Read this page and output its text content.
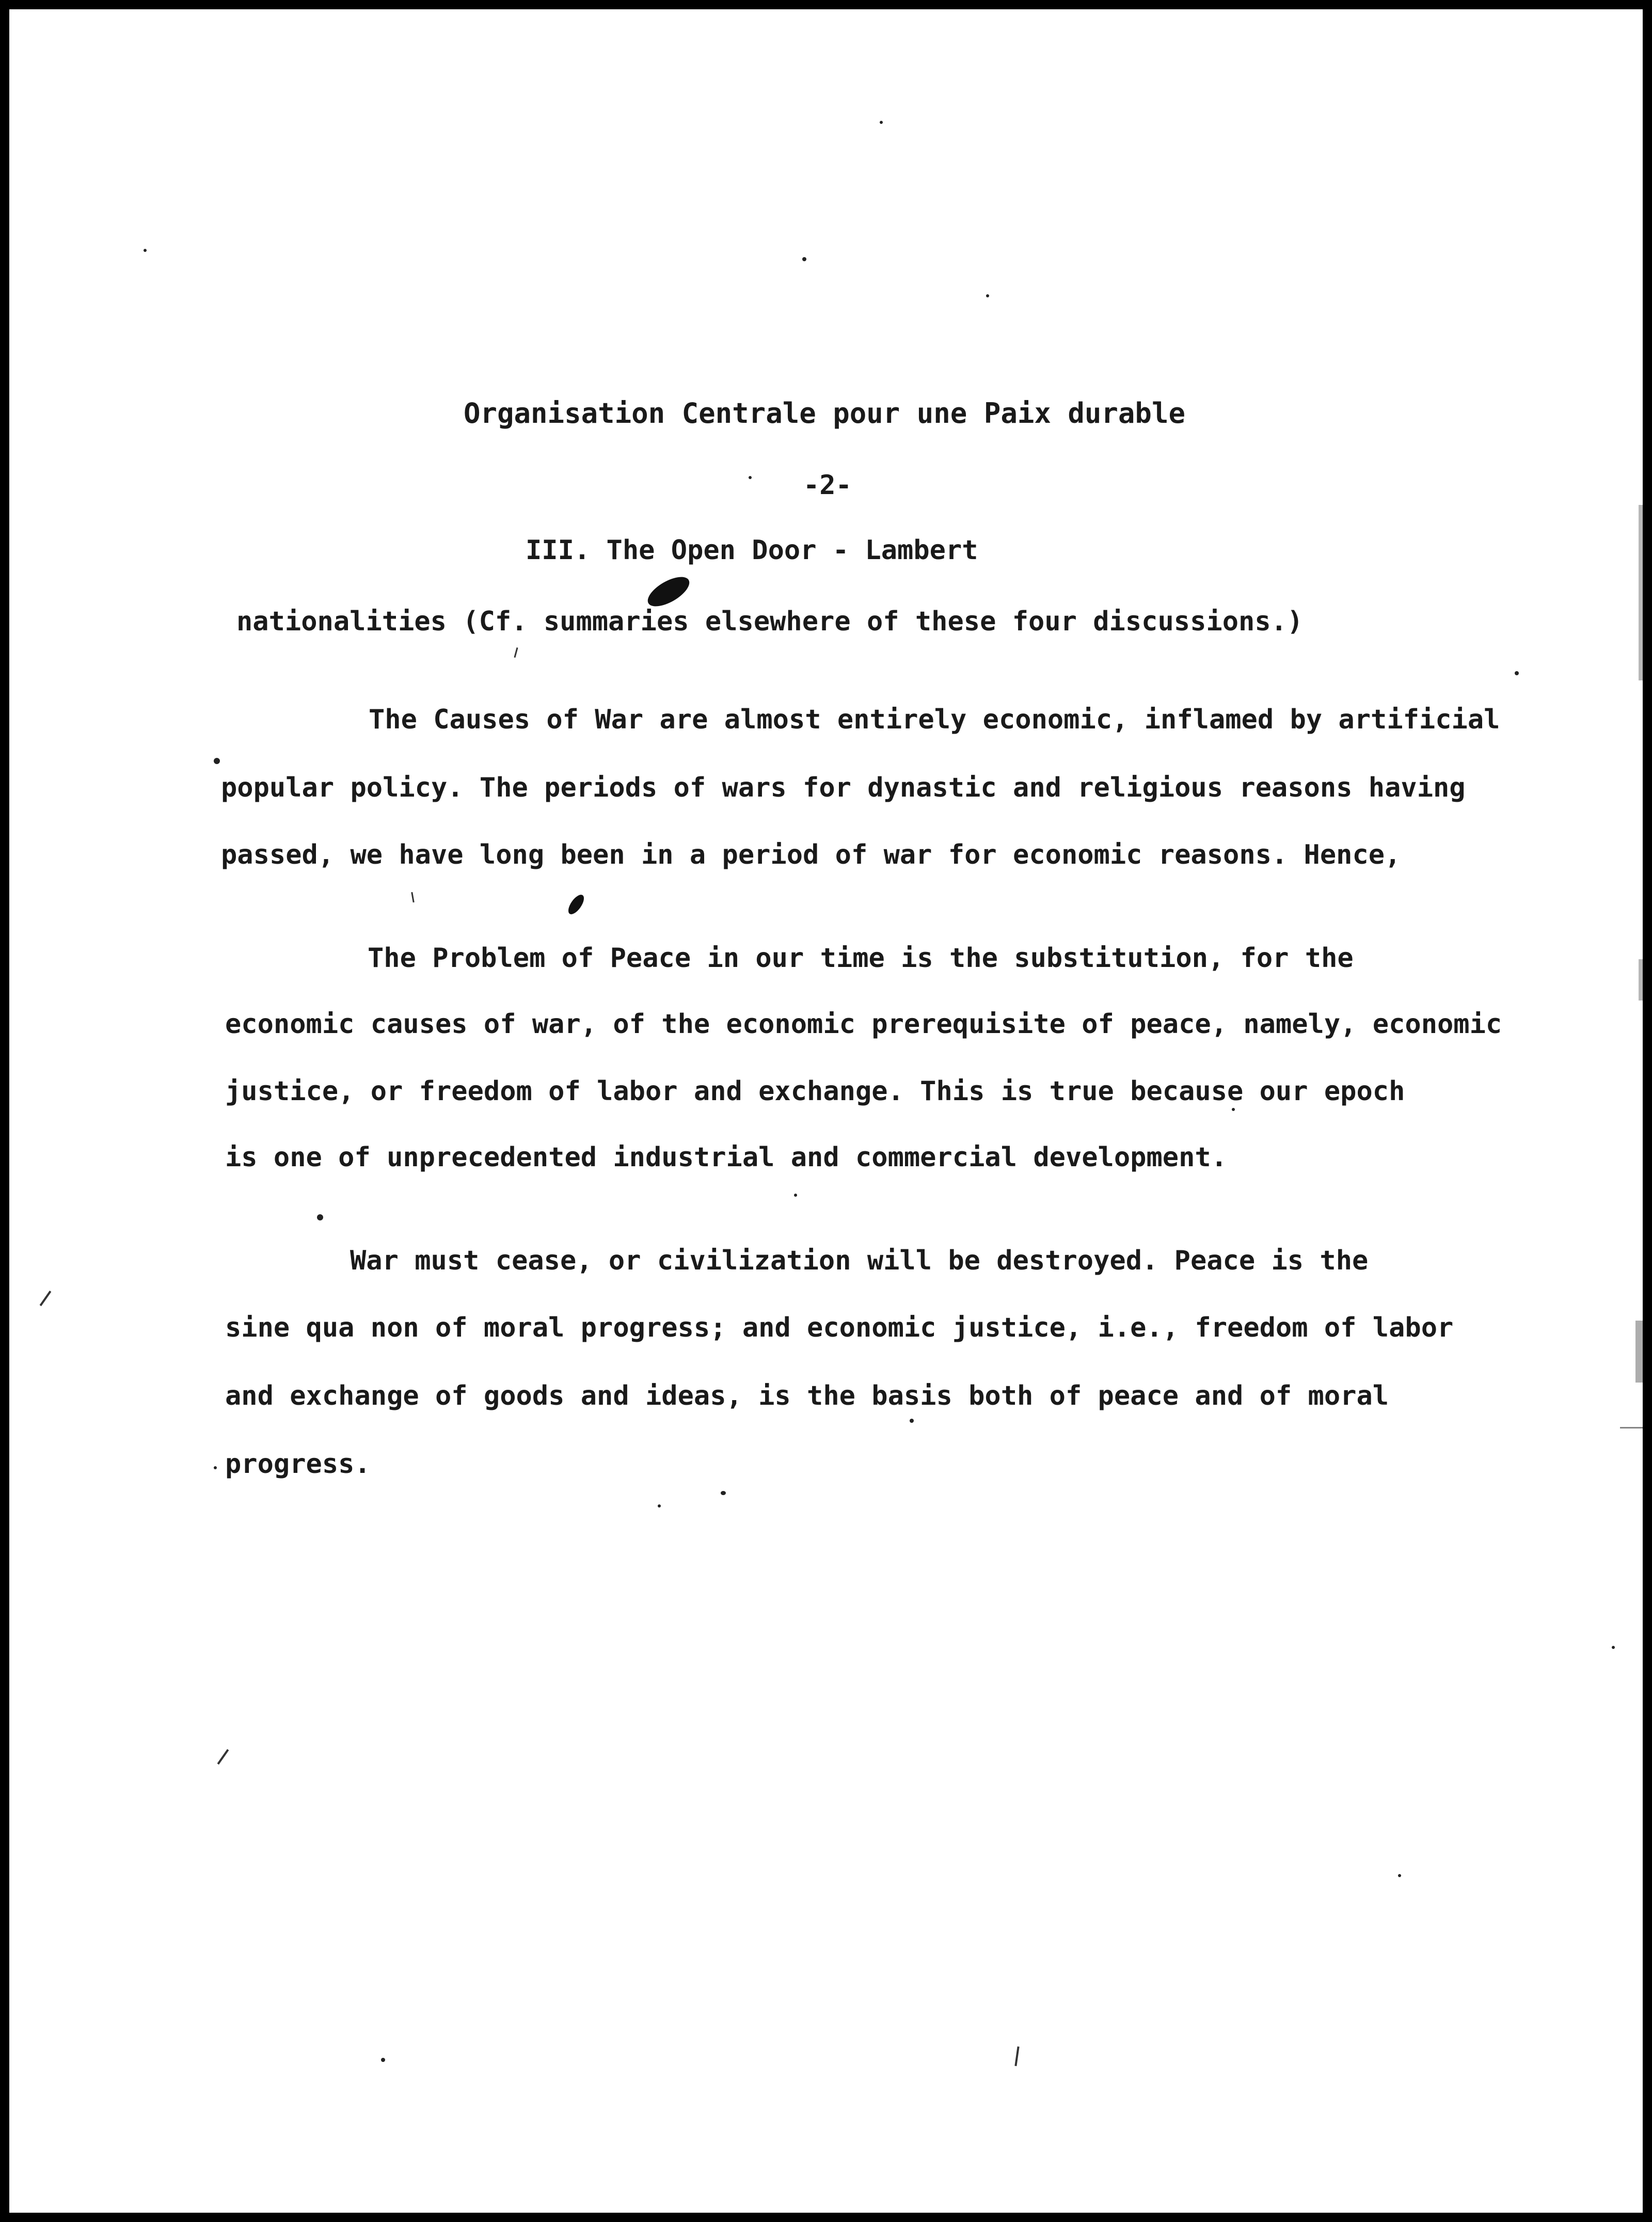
Organisation Centrale pour une Paix durable
-2-
III. The Open Door - Lambert
nationalities (Cf. summaries elsewhere of these four discussions.)
The Causes of War are almost entirely economic, inflamed by artificial
popular policy. The periods of wars for dynastic and religious reasons having
passed, we have long been in a period of war for economic reasons. Hence,
The Problem of Peace in our time is the substitution, for the
economic causes of war, of the economic prerequisite of peace, namely, economic
justice, or freedom of labor and exchange. This is true because our epoch
is one of unprecedented industrial and commercial development.
War must cease, or civilization will be destroyed. Peace is the
sine qua non of moral progress; and economic justice, i.e., freedom of labor
and exchange of goods and ideas, is the basis both of peace and of moral
progress.
